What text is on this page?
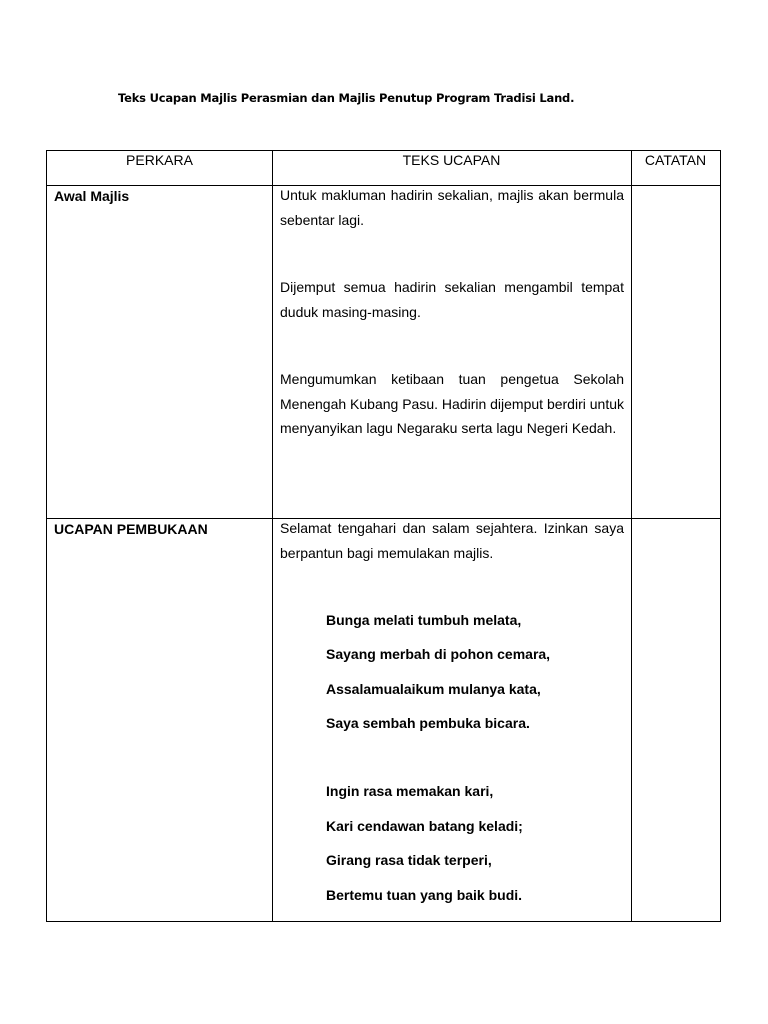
Teks Ucapan Majlis Perasmian dan Majlis Penutup Program Tradisi Land.
PERKARA	TEKS UCAPAN	CATATAN
Awal Majlis	Untuk makluman hadirin sekalian, majlis akan bermula sebentar lagi.

Dijemput semua hadirin sekalian mengambil tempat duduk masing-masing.

Mengumumkan ketibaan tuan pengetua Sekolah Menengah Kubang Pasu. Hadirin dijemput berdiri untuk menyanyikan lagu Negaraku serta lagu Negeri Kedah.

UCAPAN PEMBUKAAN	Selamat tengahari dan salam sejahtera. Izinkan saya berpantun bagi memulakan majlis.

Bunga melati tumbuh melata,
Sayang merbah di pohon cemara,
Assalamualaikum mulanya kata,
Saya sembah pembuka bicara.
Ingin rasa memakan kari,
Kari cendawan batang keladi;
Girang rasa tidak terperi,
Bertemu tuan yang baik budi.
